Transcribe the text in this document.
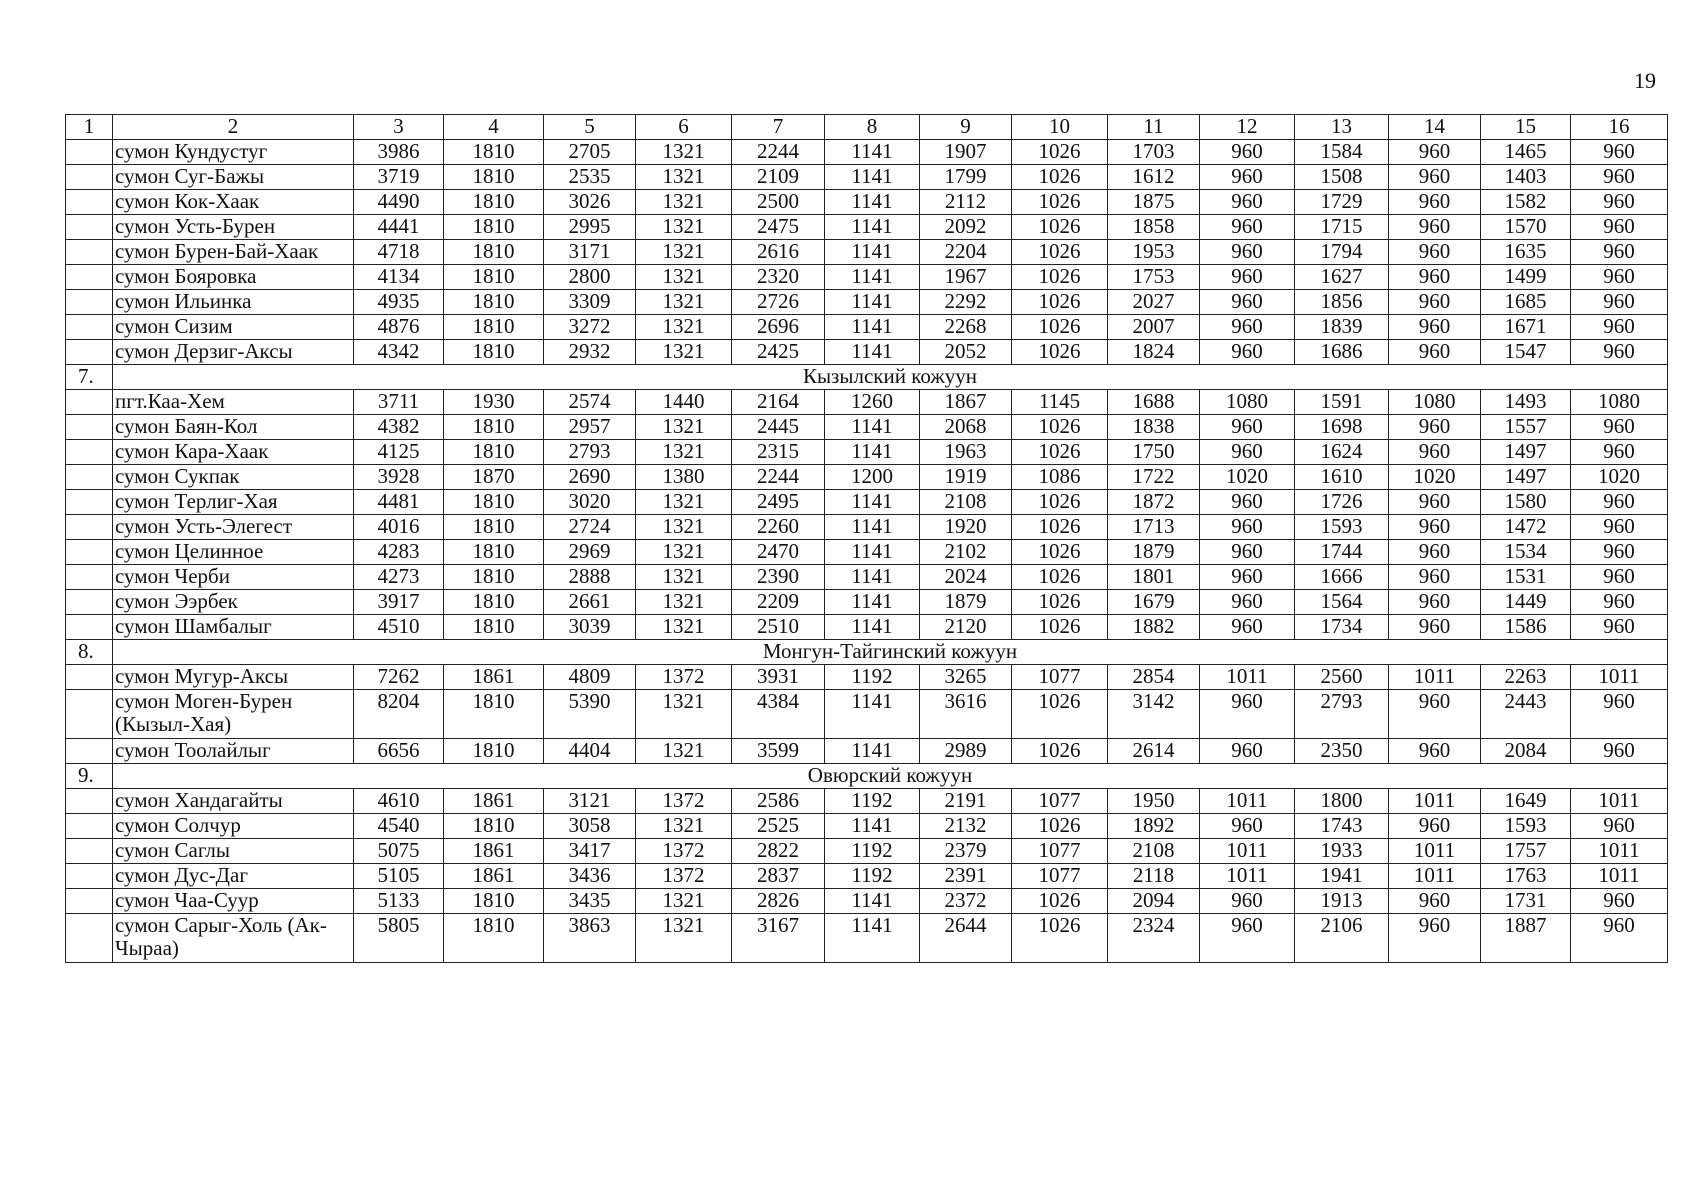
19
1	2	3	4	5	6	7	8	9	10	11	12	13	14	15	16
	сумон Кундустуг	3986	1810	2705	1321	2244	1141	1907	1026	1703	960	1584	960	1465	960
	сумон Суг-Бажы	3719	1810	2535	1321	2109	1141	1799	1026	1612	960	1508	960	1403	960
	сумон Кок-Хаак	4490	1810	3026	1321	2500	1141	2112	1026	1875	960	1729	960	1582	960
	сумон Усть-Бурен	4441	1810	2995	1321	2475	1141	2092	1026	1858	960	1715	960	1570	960
	сумон Бурен-Бай-Хаак	4718	1810	3171	1321	2616	1141	2204	1026	1953	960	1794	960	1635	960
	сумон Бояровка	4134	1810	2800	1321	2320	1141	1967	1026	1753	960	1627	960	1499	960
	сумон Ильинка	4935	1810	3309	1321	2726	1141	2292	1026	2027	960	1856	960	1685	960
	сумон Сизим	4876	1810	3272	1321	2696	1141	2268	1026	2007	960	1839	960	1671	960
	сумон Дерзиг-Аксы	4342	1810	2932	1321	2425	1141	2052	1026	1824	960	1686	960	1547	960
7.	Кызылский кожуун														
	пгт.Каа-Хем	3711	1930	2574	1440	2164	1260	1867	1145	1688	1080	1591	1080	1493	1080
	сумон Баян-Кол	4382	1810	2957	1321	2445	1141	2068	1026	1838	960	1698	960	1557	960
	сумон Кара-Хаак	4125	1810	2793	1321	2315	1141	1963	1026	1750	960	1624	960	1497	960
	сумон Сукпак	3928	1870	2690	1380	2244	1200	1919	1086	1722	1020	1610	1020	1497	1020
	сумон Терлиг-Хая	4481	1810	3020	1321	2495	1141	2108	1026	1872	960	1726	960	1580	960
	сумон Усть-Элегест	4016	1810	2724	1321	2260	1141	1920	1026	1713	960	1593	960	1472	960
	сумон Целинное	4283	1810	2969	1321	2470	1141	2102	1026	1879	960	1744	960	1534	960
	сумон Черби	4273	1810	2888	1321	2390	1141	2024	1026	1801	960	1666	960	1531	960
	сумон Ээрбек	3917	1810	2661	1321	2209	1141	1879	1026	1679	960	1564	960	1449	960
	сумон Шамбалыг	4510	1810	3039	1321	2510	1141	2120	1026	1882	960	1734	960	1586	960
8.	Монгун-Тайгинский кожуун														
	сумон Мугур-Аксы	7262	1861	4809	1372	3931	1192	3265	1077	2854	1011	2560	1011	2263	1011
	сумон Моген-Бурен (Кызыл-Хая)	8204	1810	5390	1321	4384	1141	3616	1026	3142	960	2793	960	2443	960
	сумон Тоолайлыг	6656	1810	4404	1321	3599	1141	2989	1026	2614	960	2350	960	2084	960
9.	Овюрский кожуун														
	сумон Хандагайты	4610	1861	3121	1372	2586	1192	2191	1077	1950	1011	1800	1011	1649	1011
	сумон Солчур	4540	1810	3058	1321	2525	1141	2132	1026	1892	960	1743	960	1593	960
	сумон Саглы	5075	1861	3417	1372	2822	1192	2379	1077	2108	1011	1933	1011	1757	1011
	сумон Дус-Даг	5105	1861	3436	1372	2837	1192	2391	1077	2118	1011	1941	1011	1763	1011
	сумон Чаа-Суур	5133	1810	3435	1321	2826	1141	2372	1026	2094	960	1913	960	1731	960
	сумон Сарыг-Холь (Ак-Чыраа)	5805	1810	3863	1321	3167	1141	2644	1026	2324	960	2106	960	1887	960
